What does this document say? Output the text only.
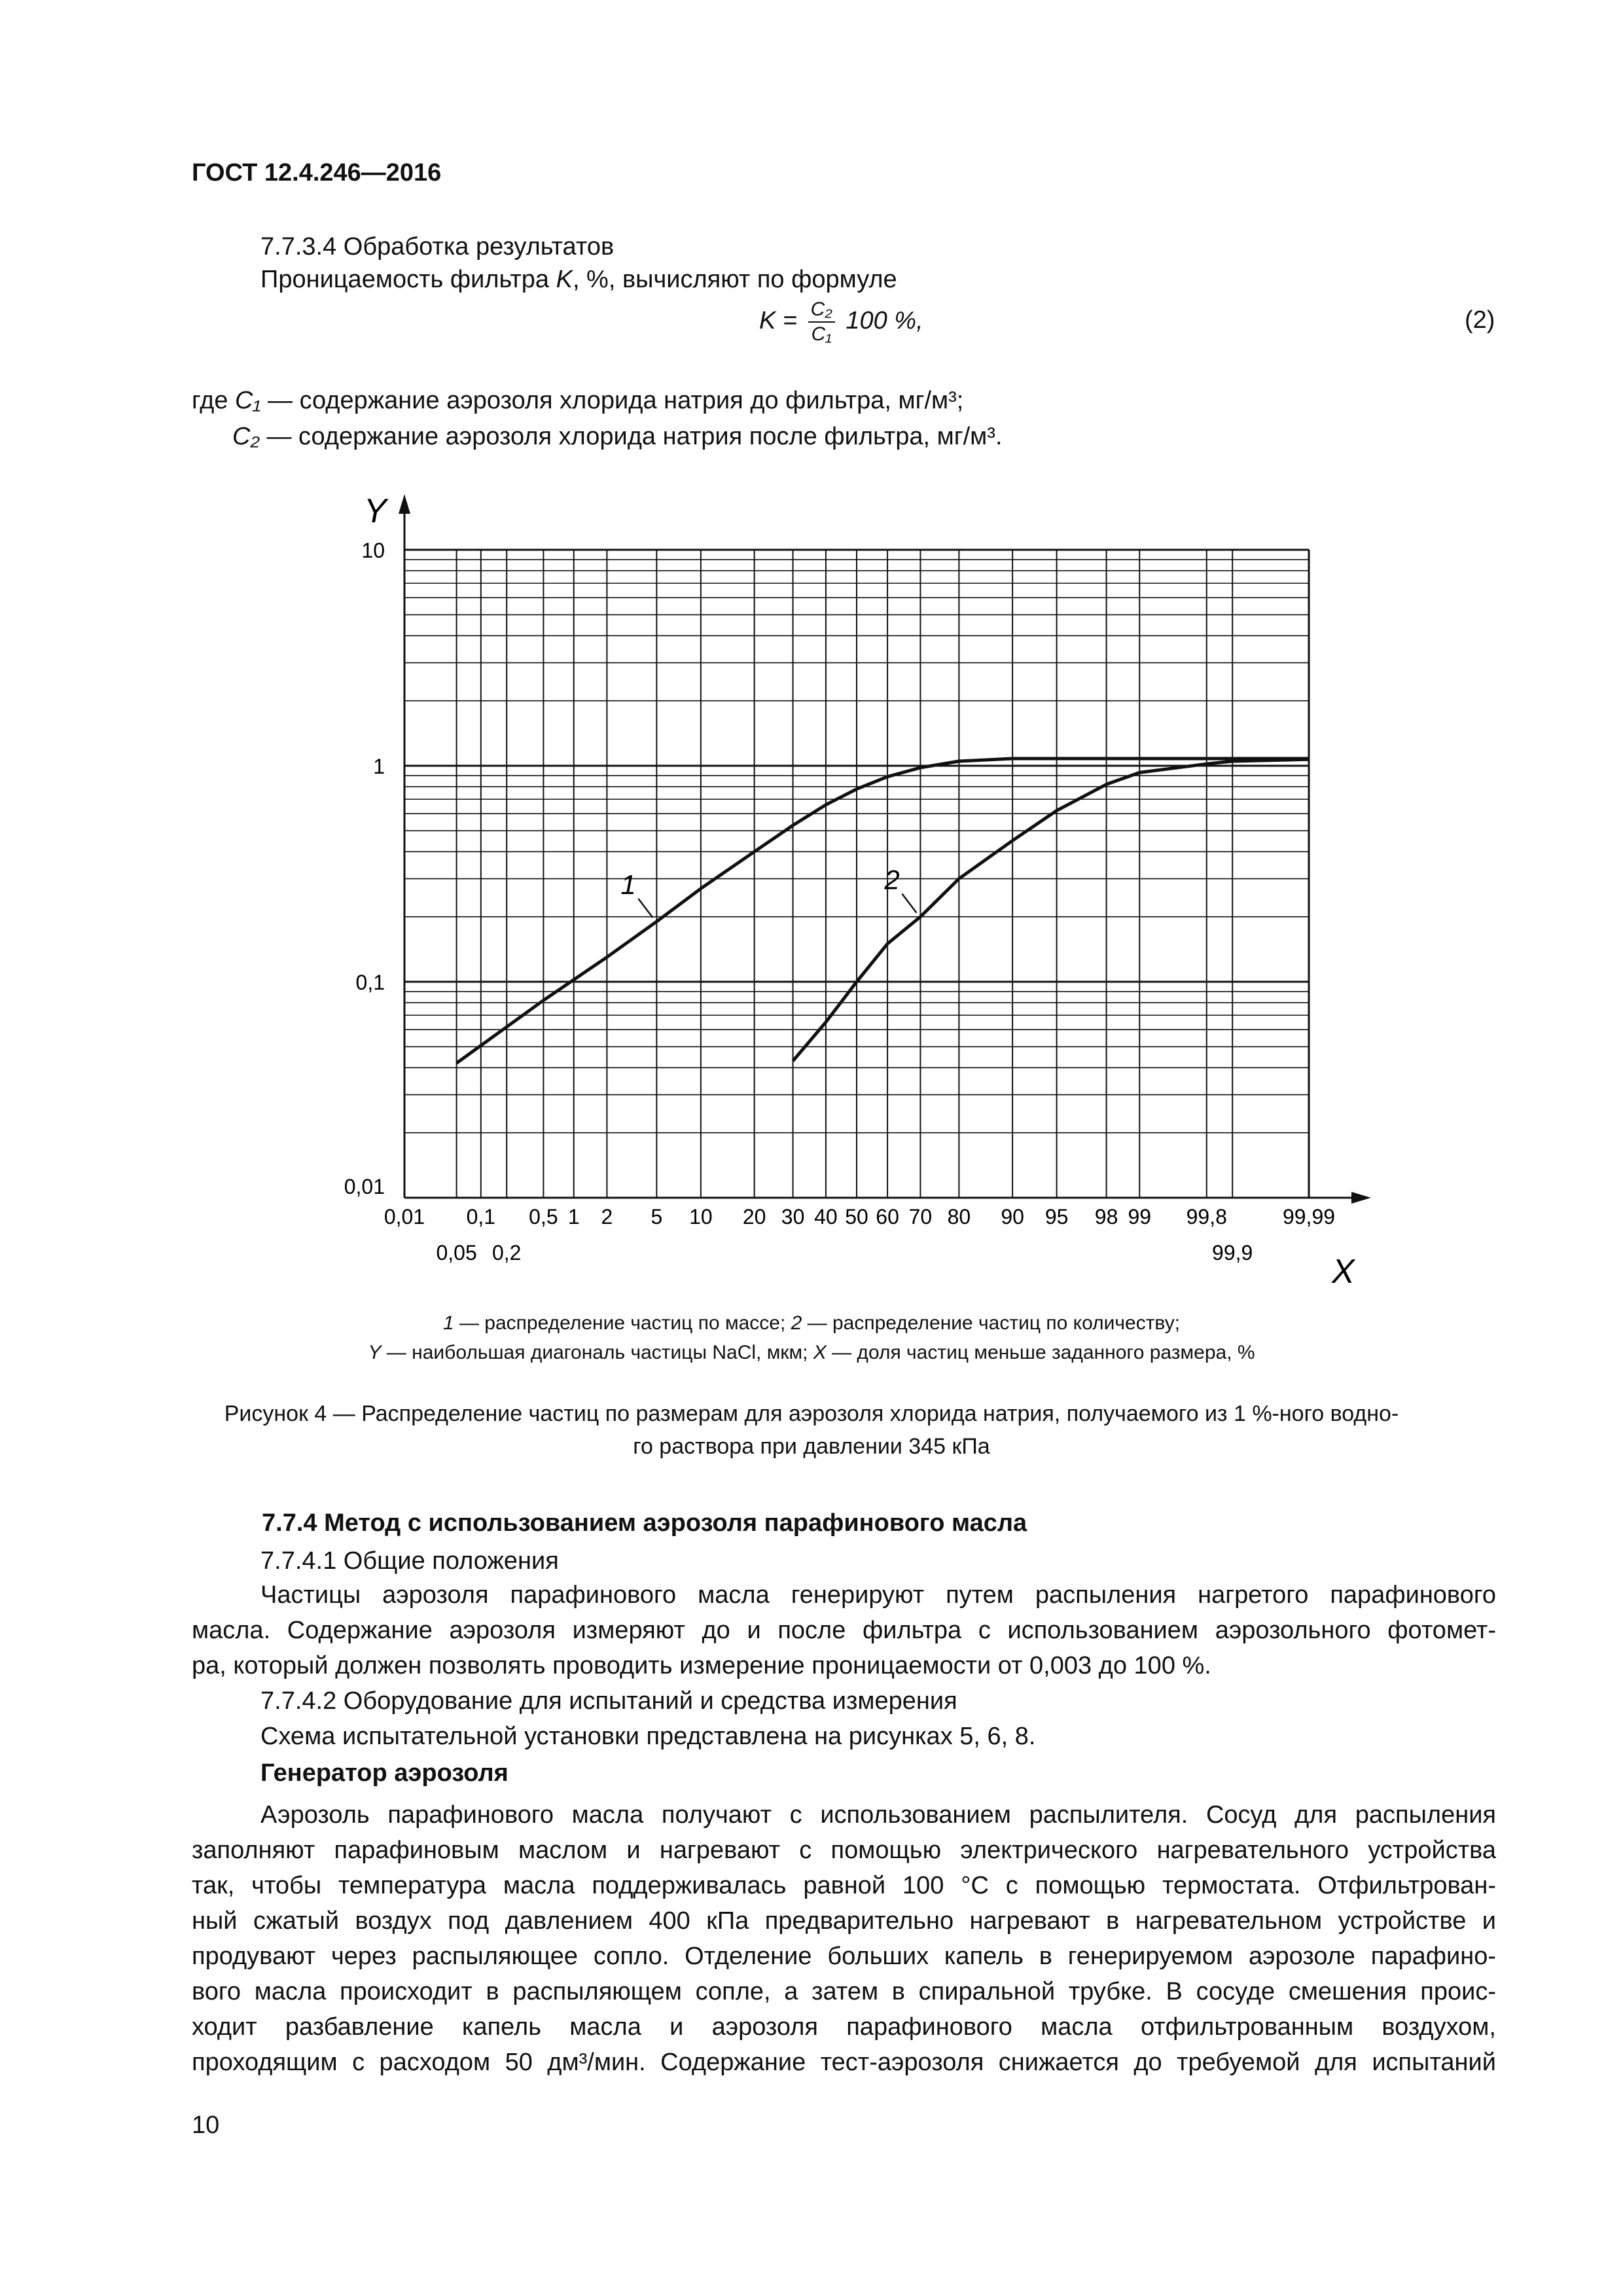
ГОСТ 12.4.246—2016
7.7.3.4 Обработка результатов
Проницаемость фильтра K, %, вычисляют по формуле
$K = \frac{\text{C₂}}{\text{C₁}} 100$ %,	(2)
где C₁ — содержание аэрозоля хлорида натрия до фильтра, мг/м³;
C₂ — содержание аэрозоля хлорида натрия после фильтра, мг/м³.
Y
X
0,01
0,1
1
10
0,01 0,1 0,5 1 2 5 10 20 30 40 50 60 70 80 90 95 98 99 99,8	99,99
0,05 0,2	99,9
1	2
1 — распределение частиц по массе; 2 — распределение частиц по количеству;
Y — наибольшая диагональ частицы NaCl, мкм; X — доля частиц меньше заданного размера, %
Рисунок 4 — Распределение частиц по размерам для аэрозоля хлорида натрия, получаемого из 1 %-ного водно-
го раствора при давлении 345 кПа
7.7.4 Метод с использованием аэрозоля парафинового масла
7.7.4.1 Общие положения
Частицы аэрозоля парафинового масла генерируют путем распыления нагретого парафинового
масла. Содержание аэрозоля измеряют до и после фильтра с использованием аэрозольного фотомет-
ра, который должен позволять проводить измерение проницаемости от 0,003 до 100 %.
7.7.4.2 Оборудование для испытаний и средства измерения
Схема испытательной установки представлена на рисунках 5, 6, 8.
Генератор аэрозоля
Аэрозоль парафинового масла получают с использованием распылителя. Сосуд для распыления
заполняют парафиновым маслом и нагревают с помощью электрического нагревательного устройства
так, чтобы температура масла поддерживалась равной 100 °С с помощью термостата. Отфильтрован-
ный сжатый воздух под давлением 400 кПа предварительно нагревают в нагревательном устройстве и
продувают через распыляющее сопло. Отделение больших капель в генерируемом аэрозоле парафино-
вого масла происходит в распыляющем сопле, а затем в спиральной трубке. В сосуде смешения проис-
ходит разбавление капель масла и аэрозоля парафинового масла отфильтрованным воздухом,
проходящим с расходом 50 дм³/мин. Содержание тест-аэрозоля снижается до требуемой для испытаний
10
